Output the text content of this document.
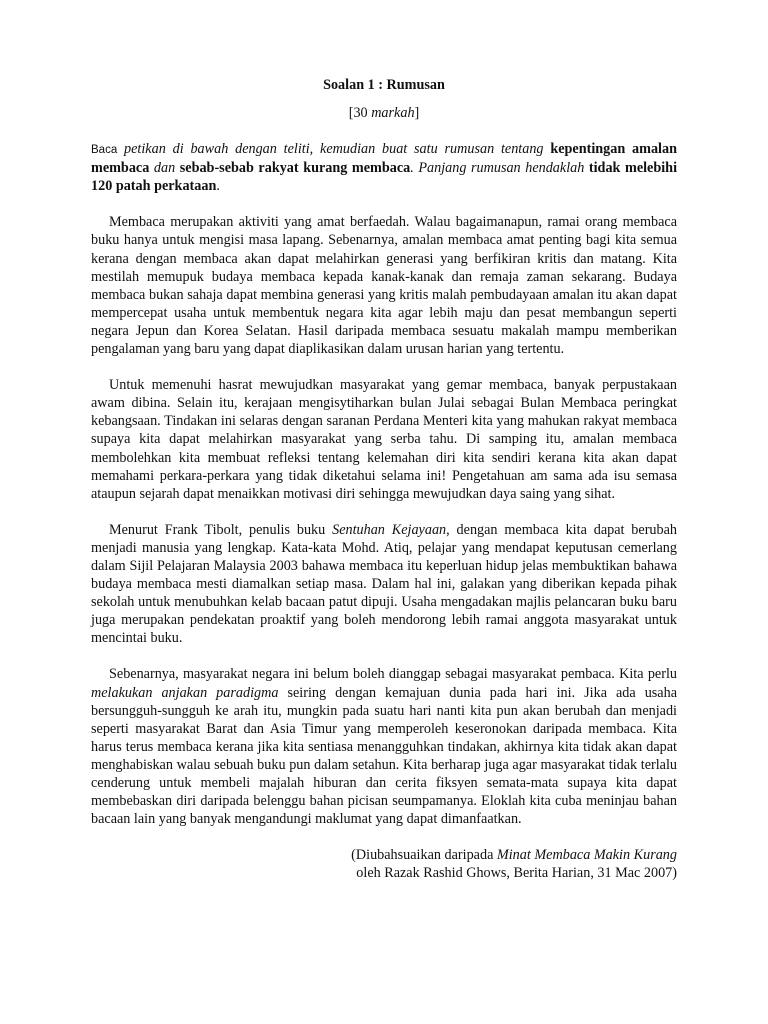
Soalan 1 : Rumusan
[30 markah]
Baca petikan di bawah dengan teliti, kemudian buat satu rumusan tentang kepentingan amalan membaca dan sebab-sebab rakyat kurang membaca. Panjang rumusan hendaklah tidak melebihi 120 patah perkataan.
Membaca merupakan aktiviti yang amat berfaedah. Walau bagaimanapun, ramai orang membaca buku hanya untuk mengisi masa lapang. Sebenarnya, amalan membaca amat penting bagi kita semua kerana dengan membaca akan dapat melahirkan generasi yang berfikiran kritis dan matang. Kita mestilah memupuk budaya membaca kepada kanak-kanak dan remaja zaman sekarang. Budaya membaca bukan sahaja dapat membina generasi yang kritis malah pembudayaan amalan itu akan dapat mempercepat usaha untuk membentuk negara kita agar lebih maju dan pesat membangun seperti negara Jepun dan Korea Selatan. Hasil daripada membaca sesuatu makalah mampu memberikan pengalaman yang baru yang dapat diaplikasikan dalam urusan harian yang tertentu.
Untuk memenuhi hasrat mewujudkan masyarakat yang gemar membaca, banyak perpustakaan awam dibina. Selain itu, kerajaan mengisytiharkan bulan Julai sebagai Bulan Membaca peringkat kebangsaan. Tindakan ini selaras dengan saranan Perdana Menteri kita yang mahukan rakyat membaca supaya kita dapat melahirkan masyarakat yang serba tahu. Di samping itu, amalan membaca membolehkan kita membuat refleksi tentang kelemahan diri kita sendiri kerana kita akan dapat memahami perkara-perkara yang tidak diketahui selama ini! Pengetahuan am sama ada isu semasa ataupun sejarah dapat menaikkan motivasi diri sehingga mewujudkan daya saing yang sihat.
Menurut Frank Tibolt, penulis buku Sentuhan Kejayaan, dengan membaca kita dapat berubah menjadi manusia yang lengkap. Kata-kata Mohd. Atiq, pelajar yang mendapat keputusan cemerlang dalam Sijil Pelajaran Malaysia 2003 bahawa membaca itu keperluan hidup jelas membuktikan bahawa budaya membaca mesti diamalkan setiap masa. Dalam hal ini, galakan yang diberikan kepada pihak sekolah untuk menubuhkan kelab bacaan patut dipuji. Usaha mengadakan majlis pelancaran buku baru juga merupakan pendekatan proaktif yang boleh mendorong lebih ramai anggota masyarakat untuk mencintai buku.
Sebenarnya, masyarakat negara ini belum boleh dianggap sebagai masyarakat pembaca. Kita perlu melakukan anjakan paradigma seiring dengan kemajuan dunia pada hari ini. Jika ada usaha bersungguh-sungguh ke arah itu, mungkin pada suatu hari nanti kita pun akan berubah dan menjadi seperti masyarakat Barat dan Asia Timur yang memperoleh keseronokan daripada membaca. Kita harus terus membaca kerana jika kita sentiasa menangguhkan tindakan, akhirnya kita tidak akan dapat menghabiskan walau sebuah buku pun dalam setahun. Kita berharap juga agar masyarakat tidak terlalu cenderung untuk membeli majalah hiburan dan cerita fiksyen semata-mata supaya kita dapat membebaskan diri daripada belenggu bahan picisan seumpamanya. Eloklah kita cuba meninjau bahan bacaan lain yang banyak mengandungi maklumat yang dapat dimanfaatkan.
(Diubahsuaikan daripada Minat Membaca Makin Kurang
oleh Razak Rashid Ghows, Berita Harian, 31 Mac 2007)
